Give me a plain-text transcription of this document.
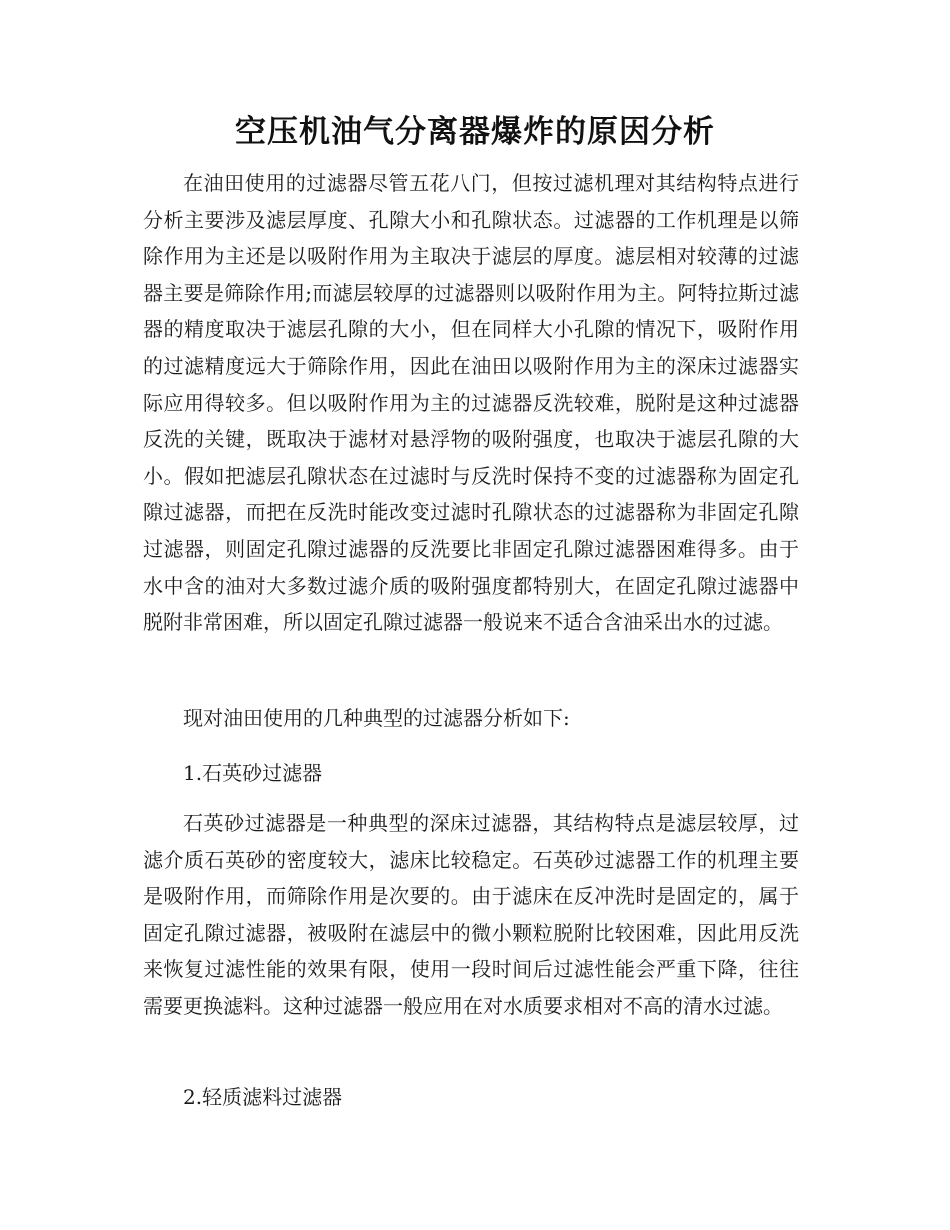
空压机油气分离器爆炸的原因分析
在油田使用的过滤器尽管五花八门，但按过滤机理对其结构特点进行分析主要涉及滤层厚度、孔隙大小和孔隙状态。过滤器的工作机理是以筛除作用为主还是以吸附作用为主取决于滤层的厚度。滤层相对较薄的过滤器主要是筛除作用;而滤层较厚的过滤器则以吸附作用为主。阿特拉斯过滤器的精度取决于滤层孔隙的大小，但在同样大小孔隙的情况下，吸附作用的过滤精度远大于筛除作用，因此在油田以吸附作用为主的深床过滤器实际应用得较多。但以吸附作用为主的过滤器反洗较难，脱附是这种过滤器反洗的关键，既取决于滤材对悬浮物的吸附强度，也取决于滤层孔隙的大小。假如把滤层孔隙状态在过滤时与反洗时保持不变的过滤器称为固定孔隙过滤器，而把在反洗时能改变过滤时孔隙状态的过滤器称为非固定孔隙过滤器，则固定孔隙过滤器的反洗要比非固定孔隙过滤器困难得多。由于水中含的油对大多数过滤介质的吸附强度都特别大，在固定孔隙过滤器中脱附非常困难，所以固定孔隙过滤器一般说来不适合含油采出水的过滤。
现对油田使用的几种典型的过滤器分析如下:
1.石英砂过滤器
石英砂过滤器是一种典型的深床过滤器，其结构特点是滤层较厚，过滤介质石英砂的密度较大，滤床比较稳定。石英砂过滤器工作的机理主要是吸附作用，而筛除作用是次要的。由于滤床在反冲洗时是固定的，属于固定孔隙过滤器，被吸附在滤层中的微小颗粒脱附比较困难，因此用反洗来恢复过滤性能的效果有限，使用一段时间后过滤性能会严重下降，往往需要更换滤料。这种过滤器一般应用在对水质要求相对不高的清水过滤。
2.轻质滤料过滤器
